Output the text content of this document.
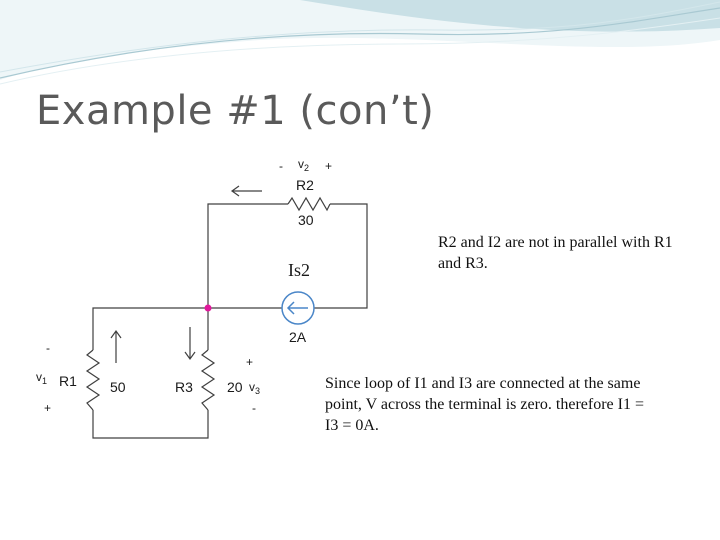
Example #1 (con’t)
- $v_2$ +
R2
30
Is2
2A
-
$v_1$
+
R1 50	R3
+
20 $v_3$
-
R2 and I2 are not in parallel with R1 and R3.
Since loop of I1 and I3 are connected at the same point, V across the terminal is zero. therefore I1 = I3 = 0A.
